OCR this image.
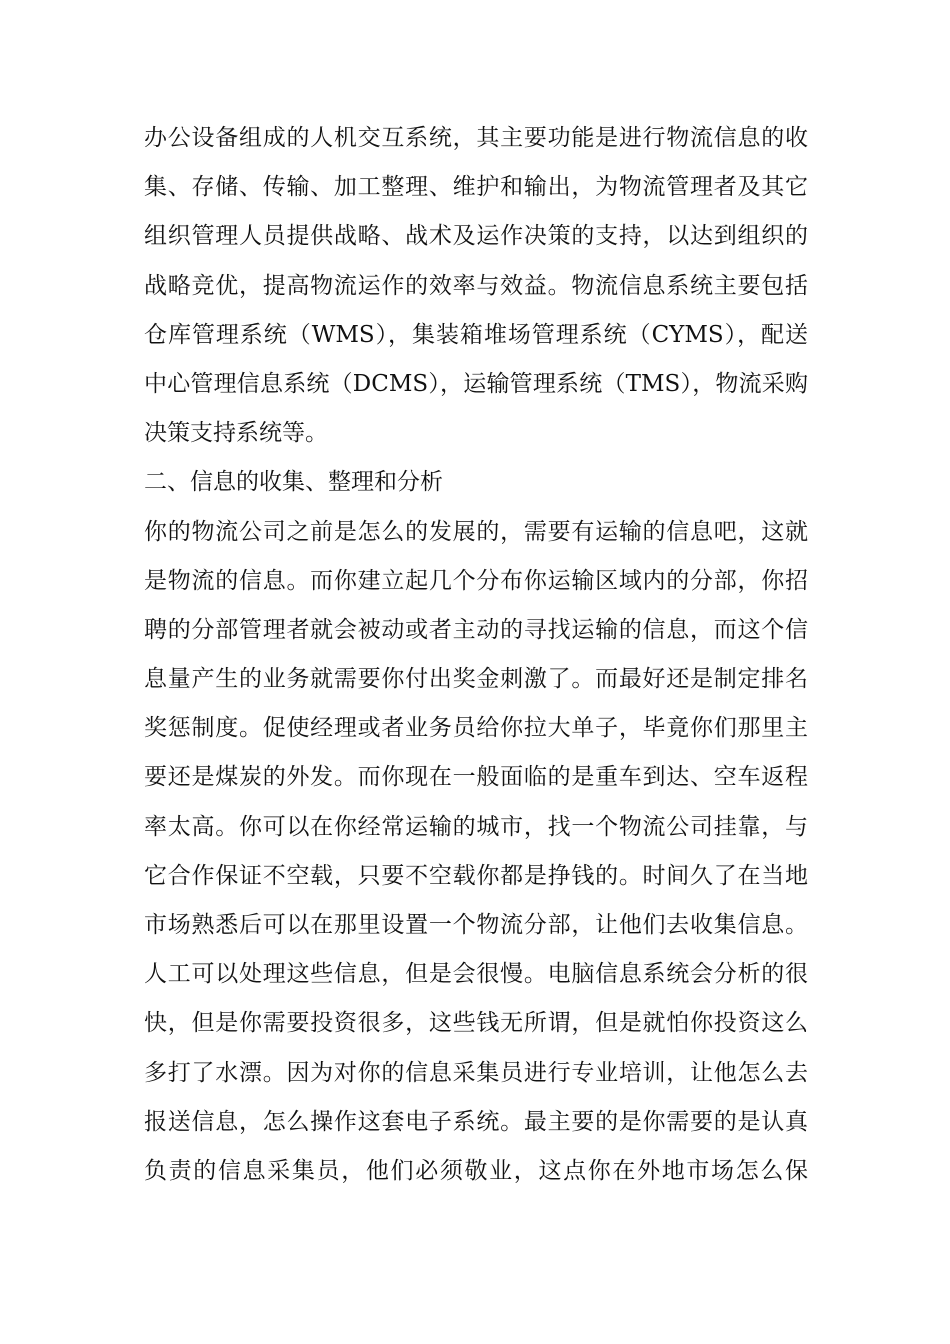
办公设备组成的人机交互系统，其主要功能是进行物流信息的收
集、存储、传输、加工整理、维护和输出，为物流管理者及其它
组织管理人员提供战略、战术及运作决策的支持，以达到组织的
战略竞优，提高物流运作的效率与效益。物流信息系统主要包括
仓库管理系统（WMS），集装箱堆场管理系统（CYMS），配送
中心管理信息系统（DCMS），运输管理系统（TMS），物流采购
决策支持系统等。
二、信息的收集、整理和分析
你的物流公司之前是怎么的发展的，需要有运输的信息吧，这就
是物流的信息。而你建立起几个分布你运输区域内的分部，你招
聘的分部管理者就会被动或者主动的寻找运输的信息，而这个信
息量产生的业务就需要你付出奖金刺激了。而最好还是制定排名
奖惩制度。促使经理或者业务员给你拉大单子，毕竟你们那里主
要还是煤炭的外发。而你现在一般面临的是重车到达、空车返程
率太高。你可以在你经常运输的城市，找一个物流公司挂靠，与
它合作保证不空载，只要不空载你都是挣钱的。时间久了在当地
市场熟悉后可以在那里设置一个物流分部，让他们去收集信息。
人工可以处理这些信息，但是会很慢。电脑信息系统会分析的很
快，但是你需要投资很多，这些钱无所谓，但是就怕你投资这么
多打了水漂。因为对你的信息采集员进行专业培训，让他怎么去
报送信息，怎么操作这套电子系统。最主要的是你需要的是认真
负责的信息采集员，他们必须敬业，这点你在外地市场怎么保
